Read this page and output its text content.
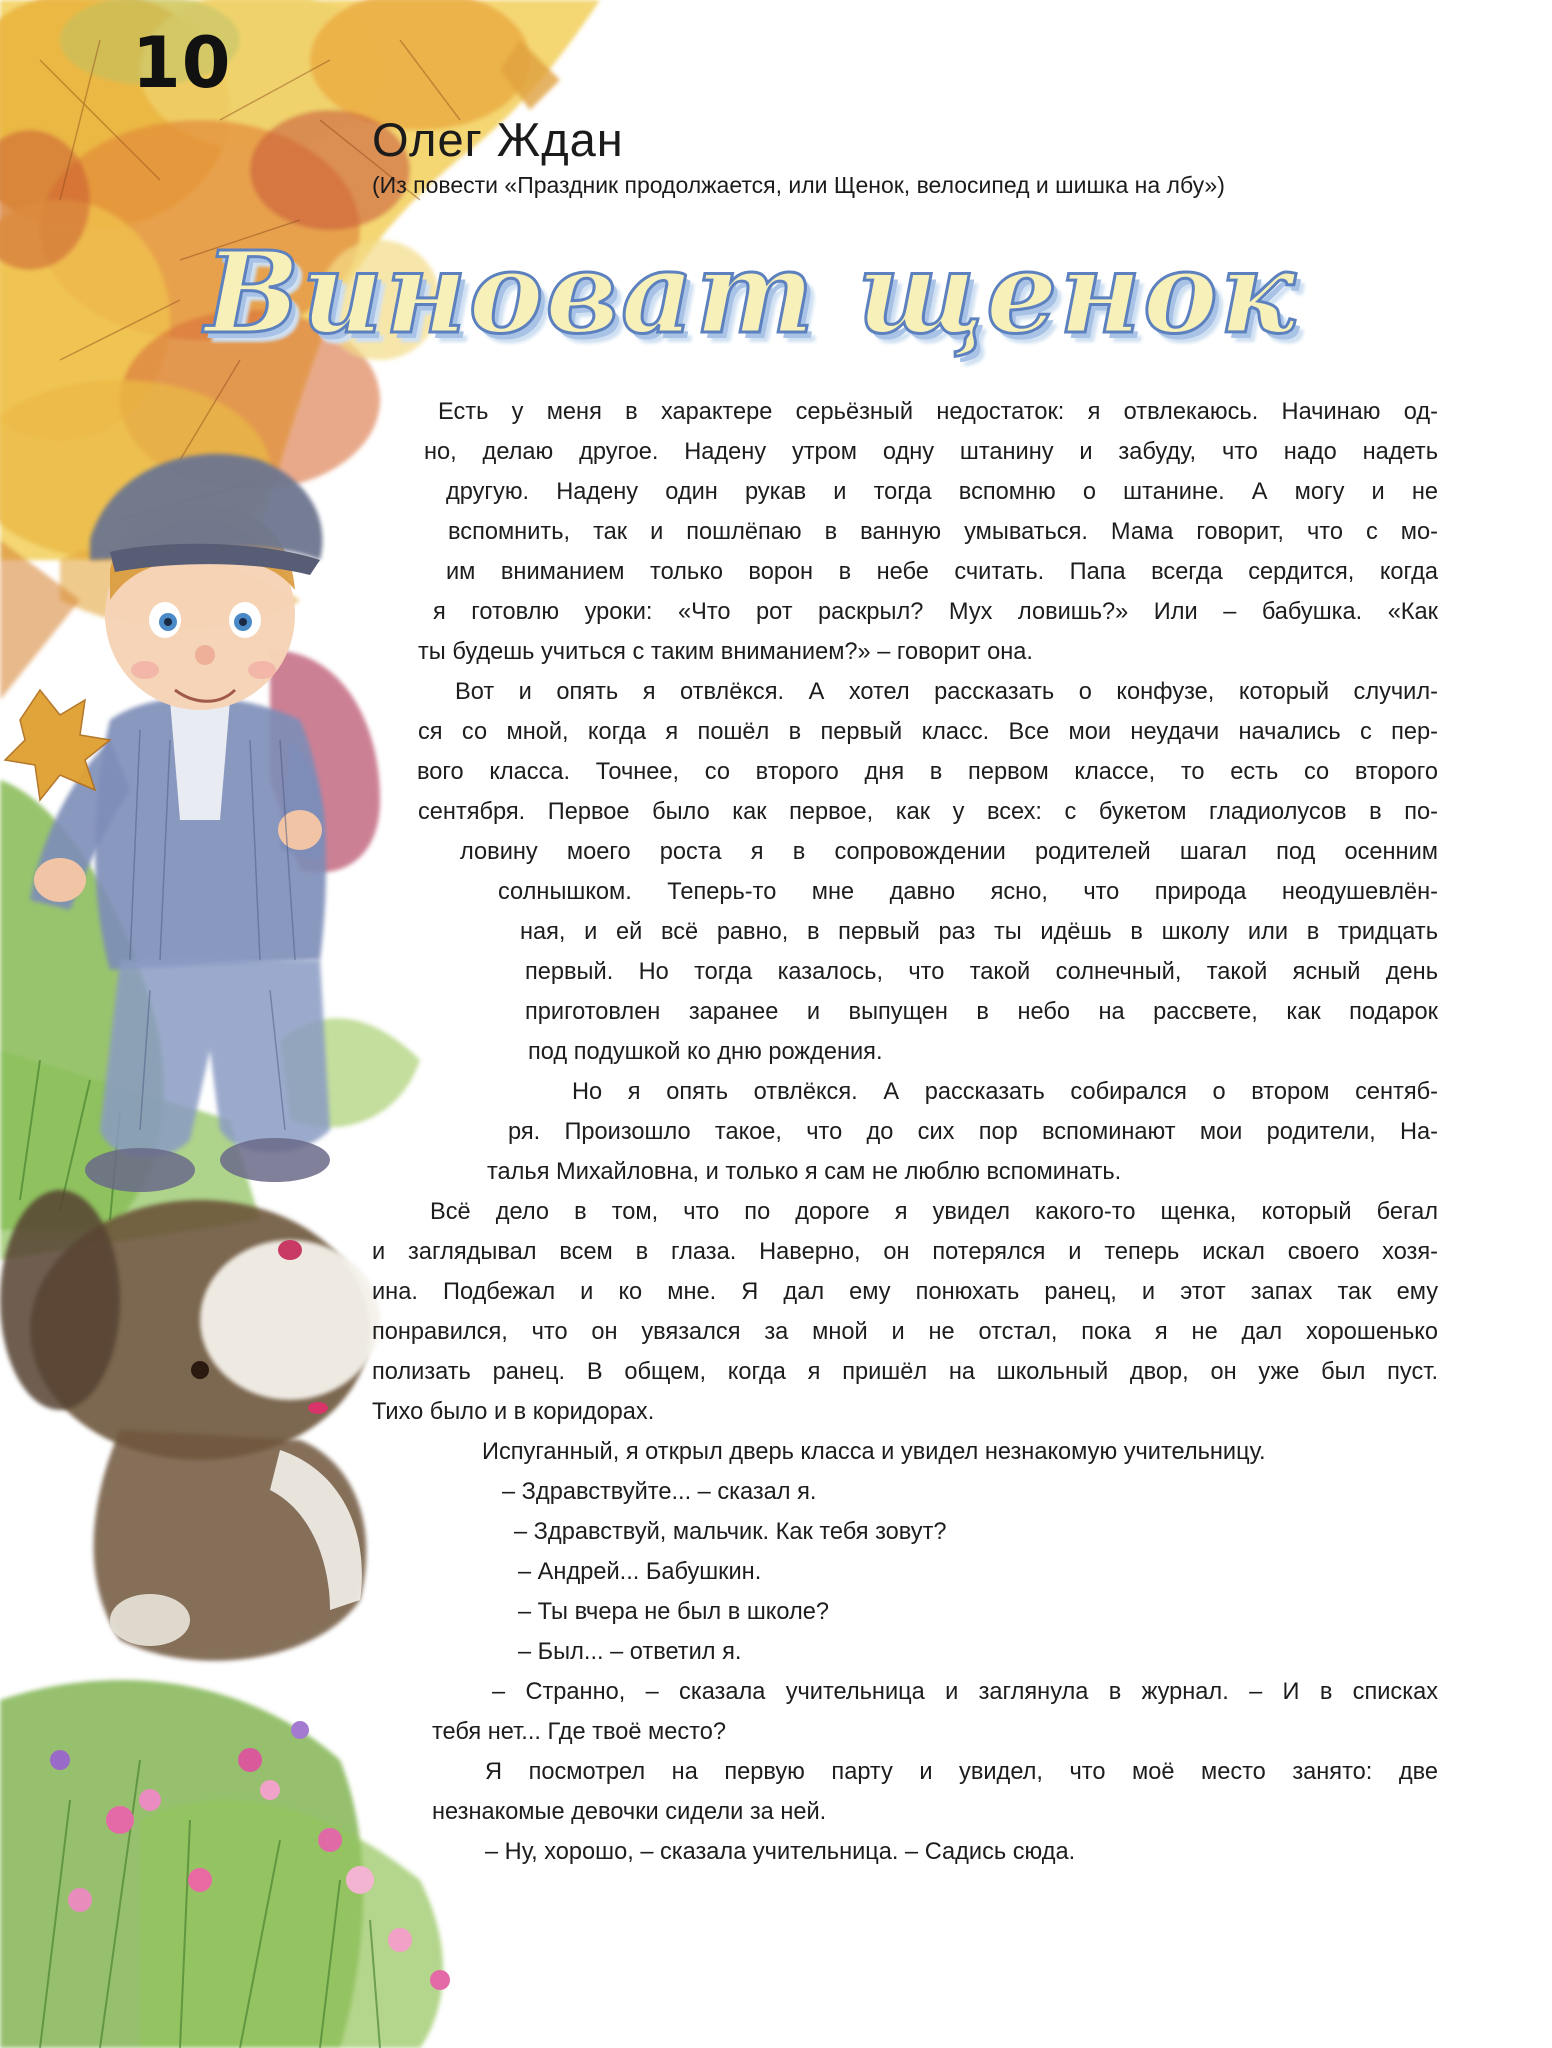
10
Олег Ждан
(Из повести «Праздник продолжается, или Щенок, велосипед и шишка на лбу»)
Виноват щенок
Есть у меня в характере серьёзный недостаток: я отвлекаюсь. Начинаю од-
но, делаю другое. Надену утром одну штанину и забуду, что надо надеть
другую. Надену один рукав и тогда вспомню о штанине. А могу и не
вспомнить, так и пошлёпаю в ванную умываться. Мама говорит, что с мо-
им вниманием только ворон в небе считать. Папа всегда сердится, когда
я готовлю уроки: «Что рот раскрыл? Мух ловишь?» Или – бабушка. «Как
ты будешь учиться с таким вниманием?» – говорит она.
Вот и опять я отвлёкся. А хотел рассказать о конфузе, который случил-
ся со мной, когда я пошёл в первый класс. Все мои неудачи начались с пер-
вого класса. Точнее, со второго дня в первом классе, то есть со второго
сентября. Первое было как первое, как у всех: с букетом гладиолусов в по-
ловину моего роста я в сопровождении родителей шагал под осенним
солнышком. Теперь-то мне давно ясно, что природа неодушевлён-
ная, и ей всё равно, в первый раз ты идёшь в школу или в тридцать
первый. Но тогда казалось, что такой солнечный, такой ясный день
приготовлен заранее и выпущен в небо на рассвете, как подарок
под подушкой ко дню рождения.
Но я опять отвлёкся. А рассказать собирался о втором сентяб-
ря. Произошло такое, что до сих пор вспоминают мои родители, На-
талья Михайловна, и только я сам не люблю вспоминать.
Всё дело в том, что по дороге я увидел какого-то щенка, который бегал
и заглядывал всем в глаза. Наверно, он потерялся и теперь искал своего хозя-
ина. Подбежал и ко мне. Я дал ему понюхать ранец, и этот запах так ему
понравился, что он увязался за мной и не отстал, пока я не дал хорошенько
полизать ранец. В общем, когда я пришёл на школьный двор, он уже был пуст.
Тихо было и в коридорах.
Испуганный, я открыл дверь класса и увидел незнакомую учительницу.
– Здравствуйте... – сказал я.
– Здравствуй, мальчик. Как тебя зовут?
– Андрей... Бабушкин.
– Ты вчера не был в школе?
– Был... – ответил я.
– Странно, – сказала учительница и заглянула в журнал. – И в списках
тебя нет... Где твоё место?
Я посмотрел на первую парту и увидел, что моё место занято: две
незнакомые девочки сидели за ней.
– Ну, хорошо, – сказала учительница. – Садись сюда.
